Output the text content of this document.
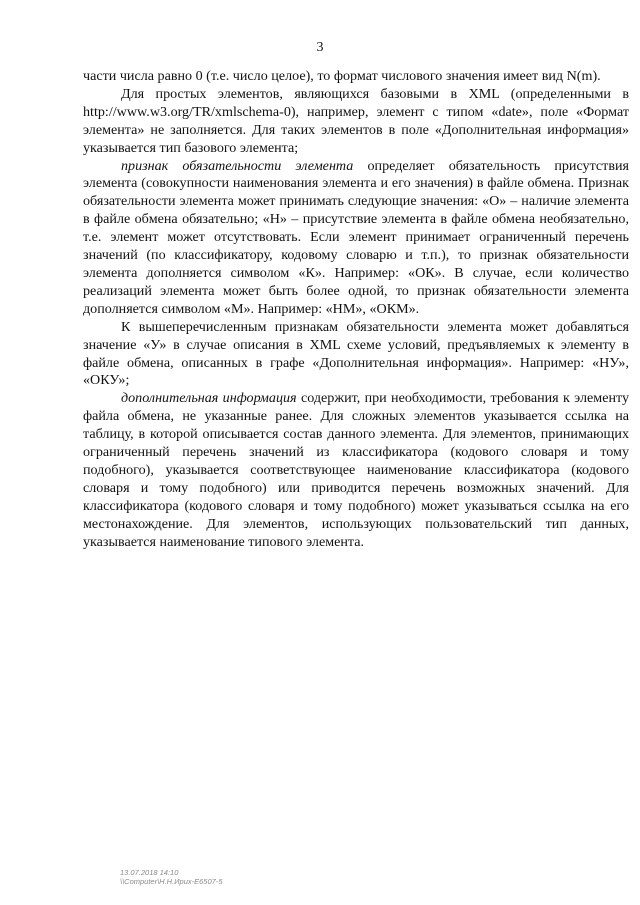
3

части числа равно 0 (т.е. число целое), то формат числового значения имеет вид N(m).

Для простых элементов, являющихся базовыми в XML (определенными в http://www.w3.org/TR/xmlschema-0), например, элемент с типом «date», поле «Формат элемента» не заполняется. Для таких элементов в поле «Дополнительная информация» указывается тип базового элемента;

признак обязательности элемента определяет обязательность присутствия элемента (совокупности наименования элемента и его значения) в файле обмена. Признак обязательности элемента может принимать следующие значения: «О» – наличие элемента в файле обмена обязательно; «Н» – присутствие элемента в файле обмена необязательно, т.е. элемент может отсутствовать. Если элемент принимает ограниченный перечень значений (по классификатору, кодовому словарю и т.п.), то признак обязательности элемента дополняется символом «К». Например: «ОК». В случае, если количество реализаций элемента может быть более одной, то признак обязательности элемента дополняется символом «М». Например: «НМ», «ОКМ».

К вышеперечисленным признакам обязательности элемента может добавляться значение «У» в случае описания в XML схеме условий, предъявляемых к элементу в файле обмена, описанных в графе «Дополнительная информация». Например: «НУ», «ОКУ»;

дополнительная информация содержит, при необходимости, требования к элементу файла обмена, не указанные ранее. Для сложных элементов указывается ссылка на таблицу, в которой описывается состав данного элемента. Для элементов, принимающих ограниченный перечень значений из классификатора (кодового словаря и тому подобного), указывается соответствующее наименование классификатора (кодового словаря и тому подобного) или приводится перечень возможных значений. Для классификатора (кодового словаря и тому подобного) может указываться ссылка на его местонахождение. Для элементов, использующих пользовательский тип данных, указывается наименование типового элемента.

13.07.2018 14:10
\\Computer\Н.Н.Ирих-Е6507-5
